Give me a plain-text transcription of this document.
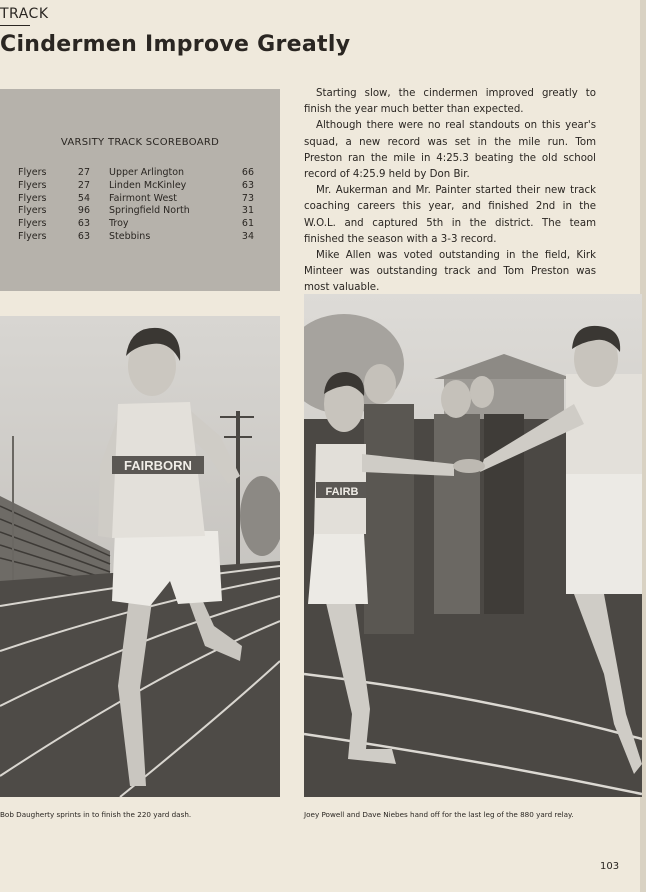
TRACK
Cindermen Improve Greatly
VARSITY TRACK SCOREBOARD
Flyers	27 Upper Arlington	66
Flyers	27 Linden McKinley	63
Flyers	54 Fairmont West	73
Flyers	96 Springfield North	31
Flyers	63 Troy	61
Flyers	63 Stebbins	34

Starting slow, the cindermen improved greatly to finish the year much better than expected.

Although there were no real standouts on this year's squad, a new record was set in the mile run. Tom Preston ran the mile in 4:25.3 beating the old school record of 4:25.9 held by Don Bir.

Mr. Aukerman and Mr. Painter started their new track coaching careers this year, and finished 2nd in the W.O.L. and captured 5th in the district. The team finished the season with a 3-3 record.

Mike Allen was voted outstanding in the field, Kirk Minteer was outstanding track and Tom Preston was most valuable.

FAIRBORN
FAIRB
Bob Daugherty sprints in to finish the 220 yard dash.	Joey Powell and Dave Niebes hand off for the last leg of the 880 yard relay.
103
